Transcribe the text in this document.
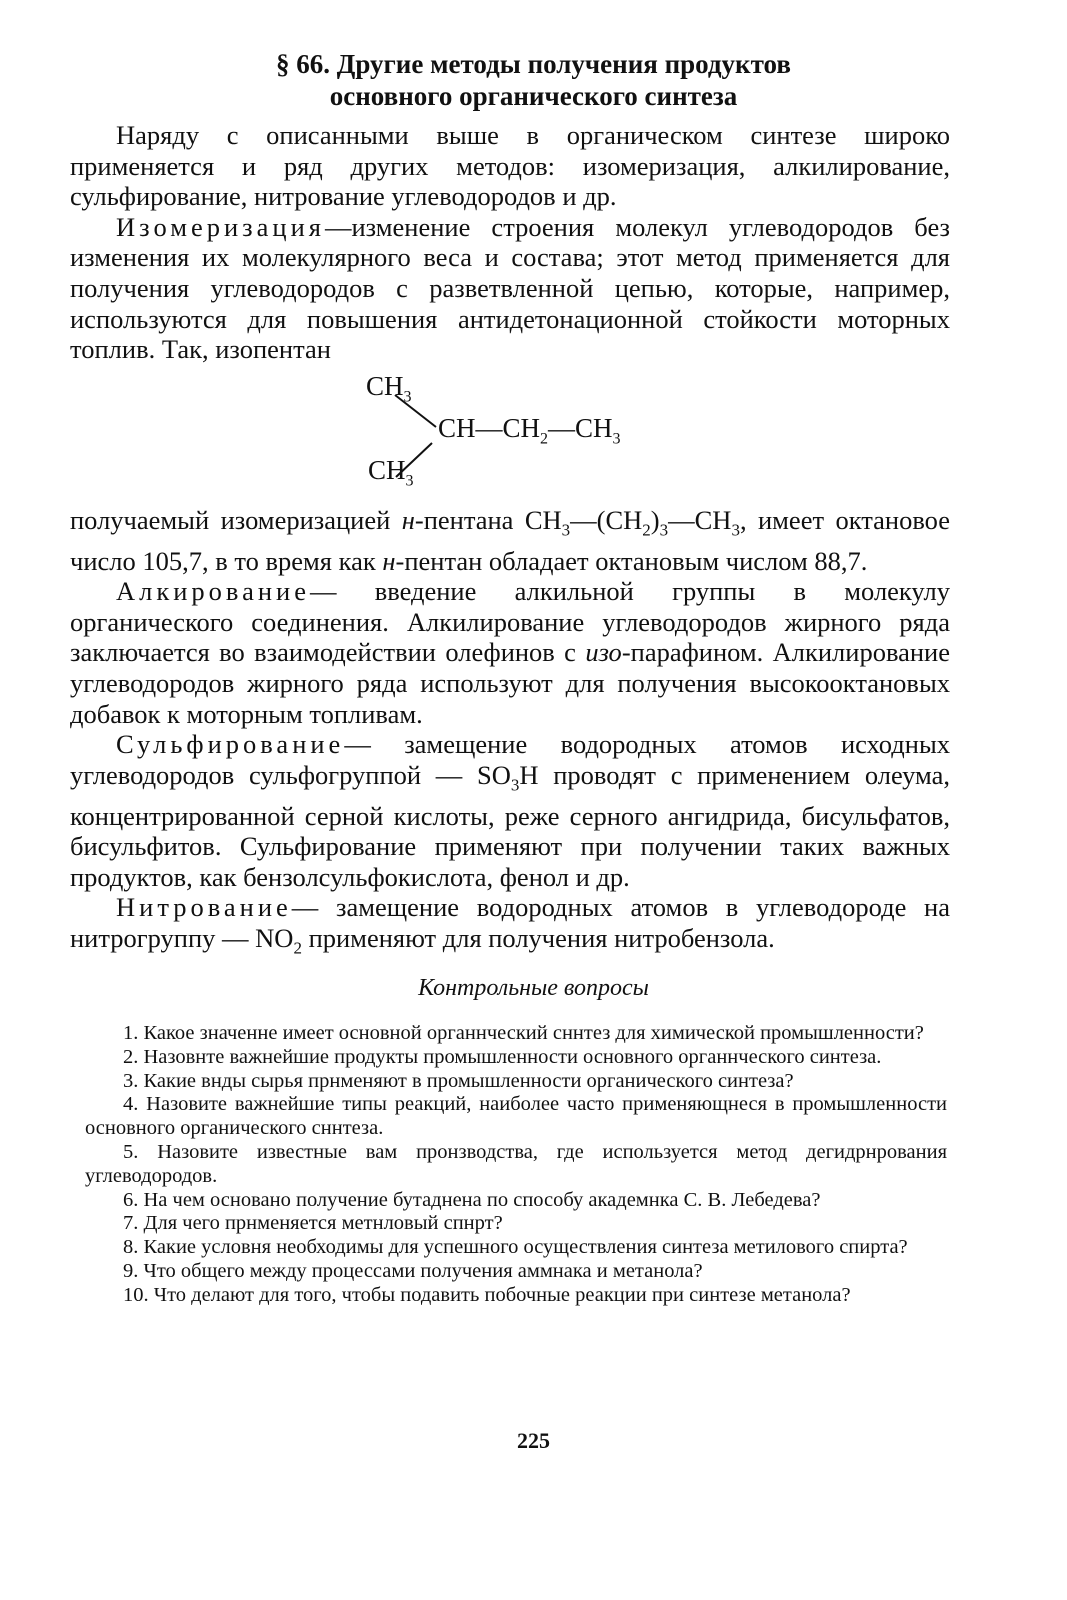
§ 66. Другие методы получения продуктов
основного органического синтеза

Наряду с описанными выше в органическом синтезе широко применяется и ряд других методов: изомеризация, алкилирование, сульфирование, нитрование углеводородов и др.

Изомеризация—изменение строения молекул углеводородов без изменения их молекулярного веса и состава; этот метод применяется для получения углеводородов с разветвленной цепью, которые, например, используются для повышения антидетонационной стойкости моторных топлив. Так, изопентан

$CH_3$
$CH—CH_2—CH_3$
$CH_3$

получаемый изомеризацией н-пентана $CH_3—(CH_2)_3—CH_3$, имеет октановое число 105,7, в то время как н-пентан обладает октановым числом 88,7.

Алкирование— введение алкильной группы в молекулу органического соединения. Алкилирование углеводородов жирного ряда заключается во взаимодействии олефинов с изо-парафином. Алкилирование углеводородов жирного ряда используют для получения высокооктановых добавок к моторным топливам.

Сульфирование— замещение водородных атомов исходных углеводородов сульфогруппой — $SO_3H$ проводят с применением олеума, концентрированной серной кислоты, реже серного ангидрида, бисульфатов, бисульфитов. Сульфирование применяют при получении таких важных продуктов, как бензолсульфокислота, фенол и др.

Нитрование— замещение водородных атомов в углеводороде на нитрогруппу — $NO_2$ применяют для получения нитробензола.

Контрольные вопросы

1. Какое значенне имеет основной органнческий сннтез для химической промышленности?

2. Назовнте важнейшие продукты промышленности основного органнческого синтеза.

3. Какие внды сырья прнменяют в промышленности органического синтеза?

4. Назовите важнейшие типы реакций, наиболее часто применяющнеся в промышленности основного органического сннтеза.

5. Назовите известные вам пронзводства, где используется метод дегидрнрования углеводородов.

6. На чем основано получение бутаднена по способу академнка С. В. Лебедева?

7. Для чего прнменяется метнловый спнрт?

8. Какие условня необходимы для успешного осуществления синтеза метилового спирта?

9. Что общего между процессами получения аммнака и метанола?

10. Что делают для того, чтобы подавить побочные реакции при синтезе метанола?

225
